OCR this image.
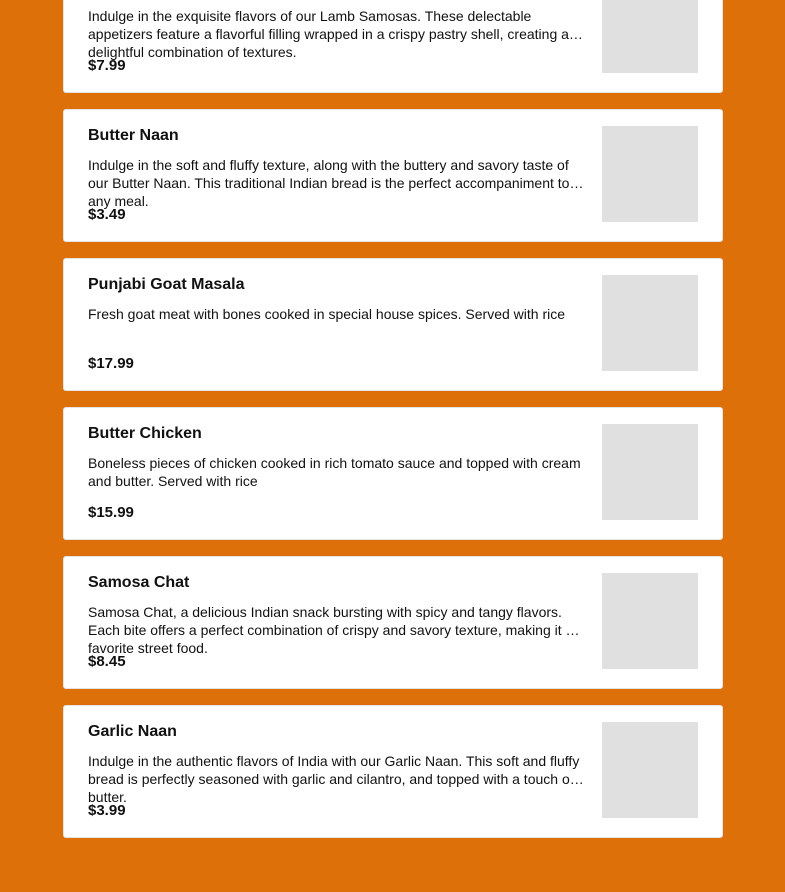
Indulge in the exquisite flavors of our Lamb Samosas. These delectable appetizers feature a flavorful filling wrapped in a crispy pastry shell, creating a delightful combination of textures.
$7.99
Butter Naan
Indulge in the soft and fluffy texture, along with the buttery and savory taste of our Butter Naan. This traditional Indian bread is the perfect accompaniment to any meal.
$3.49
Punjabi Goat Masala
Fresh goat meat with bones cooked in special house spices. Served with rice
$17.99
Butter Chicken
Boneless pieces of chicken cooked in rich tomato sauce and topped with cream and butter. Served with rice
$15.99
Samosa Chat
Samosa Chat, a delicious Indian snack bursting with spicy and tangy flavors. Each bite offers a perfect combination of crispy and savory texture, making it a favorite street food.
$8.45
Garlic Naan
Indulge in the authentic flavors of India with our Garlic Naan. This soft and fluffy bread is perfectly seasoned with garlic and cilantro, and topped with a touch of butter.
$3.99
